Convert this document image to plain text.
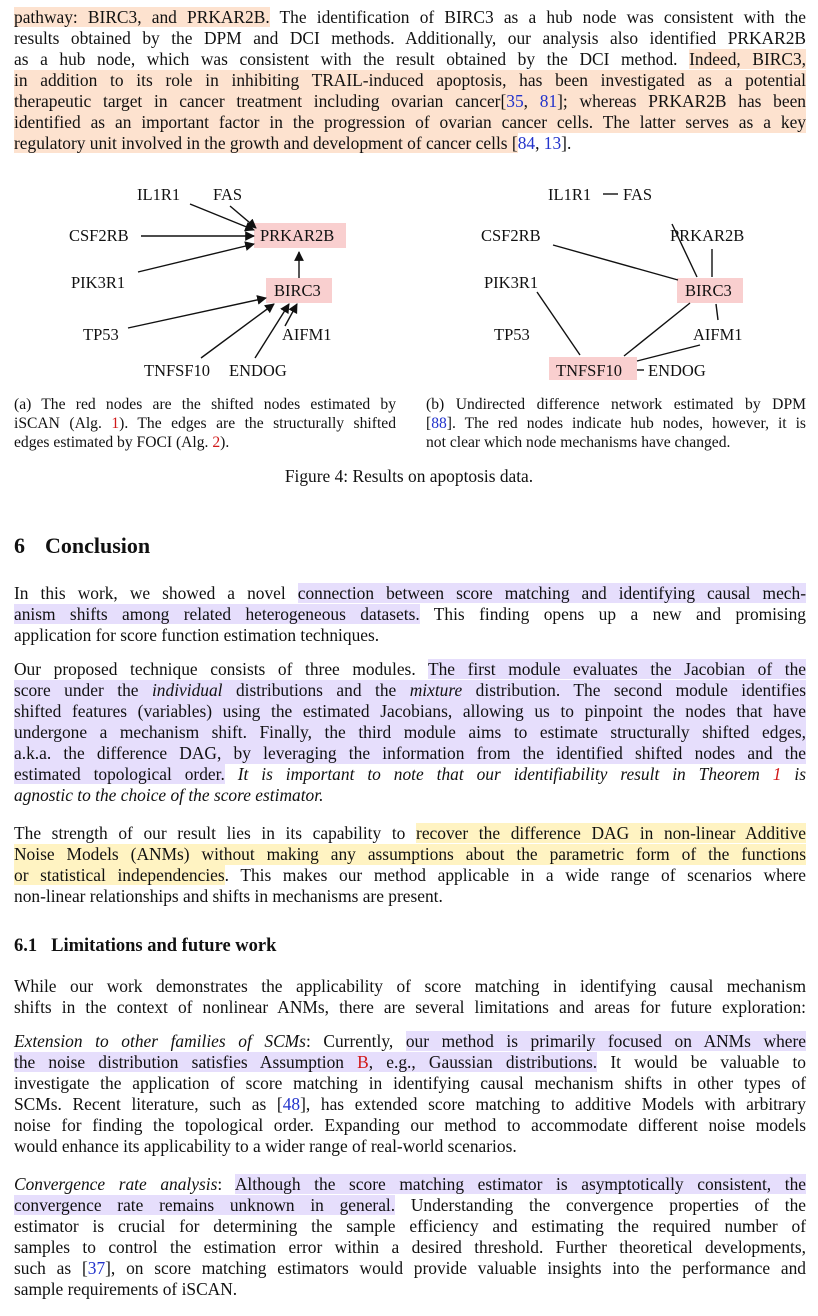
pathway: BIRC3, and PRKAR2B. The identification of BIRC3 as a hub node was consistent with the
results obtained by the DPM and DCI methods. Additionally, our analysis also identified PRKAR2B
as a hub node, which was consistent with the result obtained by the DCI method. Indeed, BIRC3,
in addition to its role in inhibiting TRAIL-induced apoptosis, has been investigated as a potential
therapeutic target in cancer treatment including ovarian cancer[35, 81]; whereas PRKAR2B has been
identified as an important factor in the progression of ovarian cancer cells. The latter serves as a key
regulatory unit involved in the growth and development of cancer cells [84, 13].
IL1R1 FAS
CSF2RB	PRKAR2B
PIK3R1	BIRC3
TP53	AIFM1
TNFSF10 ENDOG
IL1R1 FAS
CSF2RB	PRKAR2B
PIK3R1	BIRC3
TP53	AIFM1
TNFSF10 ENDOG
(a) The red nodes are the shifted nodes estimated by
iSCAN (Alg. 1). The edges are the structurally shifted
edges estimated by FOCI (Alg. 2).
(b) Undirected difference network estimated by DPM
[88]. The red nodes indicate hub nodes, however, it is
not clear which node mechanisms have changed.
Figure 4: Results on apoptosis data.
6 Conclusion
In this work, we showed a novel connection between score matching and identifying causal mech-
anism shifts among related heterogeneous datasets. This finding opens up a new and promising
application for score function estimation techniques.
Our proposed technique consists of three modules. The first module evaluates the Jacobian of the
score under the individual distributions and the mixture distribution. The second module identifies
shifted features (variables) using the estimated Jacobians, allowing us to pinpoint the nodes that have
undergone a mechanism shift. Finally, the third module aims to estimate structurally shifted edges,
a.k.a. the difference DAG, by leveraging the information from the identified shifted nodes and the
estimated topological order. It is important to note that our identifiability result in Theorem 1 is
agnostic to the choice of the score estimator.
The strength of our result lies in its capability to recover the difference DAG in non-linear Additive
Noise Models (ANMs) without making any assumptions about the parametric form of the functions
or statistical independencies. This makes our method applicable in a wide range of scenarios where
non-linear relationships and shifts in mechanisms are present.
6.1 Limitations and future work
While our work demonstrates the applicability of score matching in identifying causal mechanism
shifts in the context of nonlinear ANMs, there are several limitations and areas for future exploration:
Extension to other families of SCMs: Currently, our method is primarily focused on ANMs where
the noise distribution satisfies Assumption B, e.g., Gaussian distributions. It would be valuable to
investigate the application of score matching in identifying causal mechanism shifts in other types of
SCMs. Recent literature, such as [48], has extended score matching to additive Models with arbitrary
noise for finding the topological order. Expanding our method to accommodate different noise models
would enhance its applicability to a wider range of real-world scenarios.
Convergence rate analysis: Although the score matching estimator is asymptotically consistent, the
convergence rate remains unknown in general. Understanding the convergence properties of the
estimator is crucial for determining the sample efficiency and estimating the required number of
samples to control the estimation error within a desired threshold. Further theoretical developments,
such as [37], on score matching estimators would provide valuable insights into the performance and
sample requirements of iSCAN.
